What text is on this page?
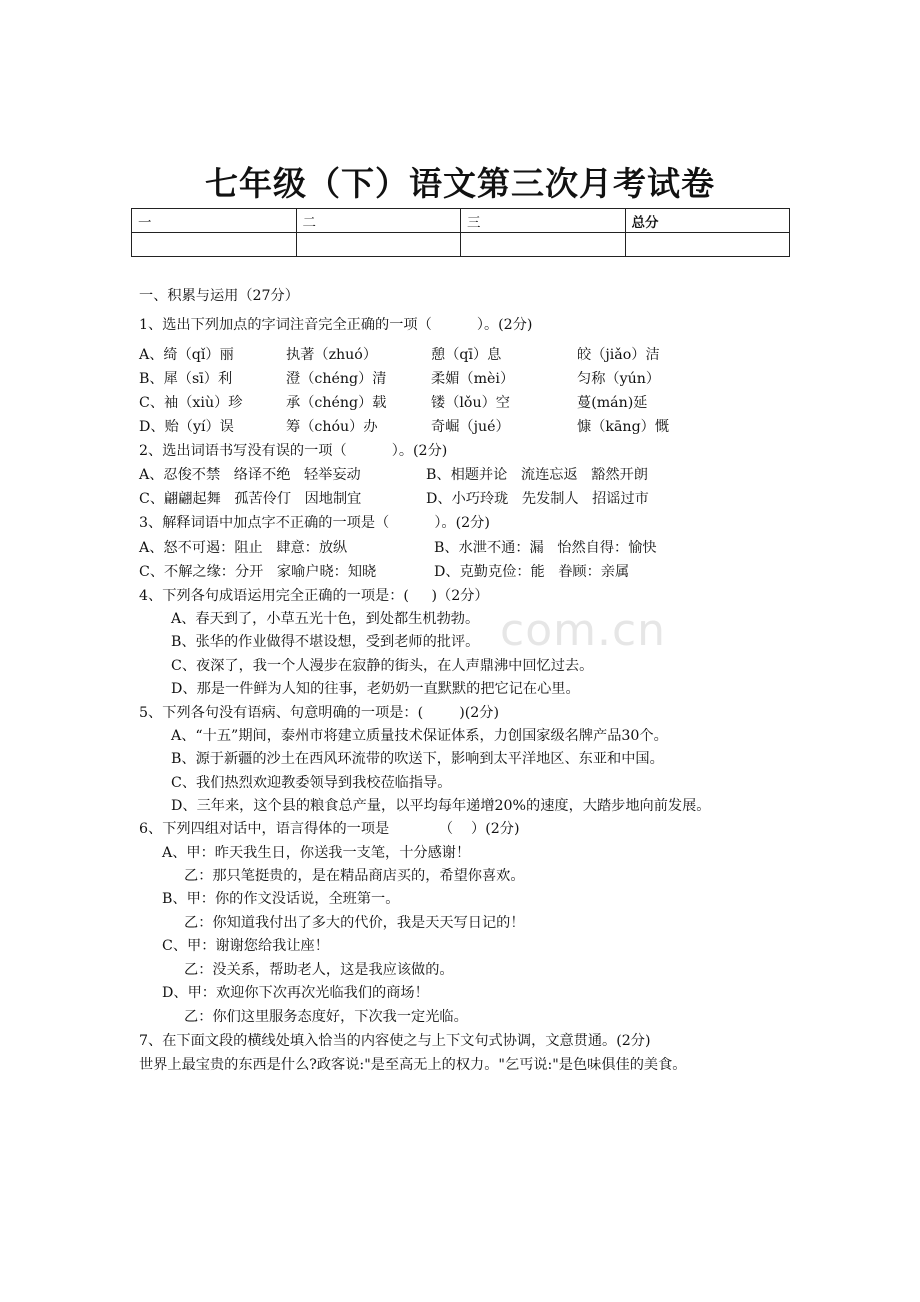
com.cn
七年级（下）语文第三次月考试卷
一	二	三	总分

一、积累与运用（27分）
1、选出下列加点的字词注音完全正确的一项（          ）。(2分)
A、绮（qǐ）丽	执著（zhuó）	憩（qī）息	皎（jiǎo）洁
B、犀（sī）利	澄（chéng）清	柔媚（mèi）	匀称（yún）
C、袖（xiù）珍	承（chéng）载	镂（lǒu）空	蔓(mán)延
D、贻（yí）误	筹（chóu）办	奇崛（jué）	慷（kāng）慨
2、选出词语书写没有误的一项（          ）。(2分)
A、忍俊不禁   络译不绝   轻举妄动	B、相题并论   流连忘返   豁然开朗
C、翩翩起舞   孤苦伶仃   因地制宜	D、小巧玲珑   先发制人   招谣过市
3、解释词语中加点字不正确的一项是（          ）。(2分)
A、怒不可遏：阻止   肆意：放纵	B、水泄不通：漏   怡然自得：愉快
C、不解之缘：分开   家喻户晓：知晓	D、克勤克俭：能   眷顾：亲属
4、下列各句成语运用完全正确的一项是：(     )（2分）
A、春天到了，小草五光十色，到处都生机勃勃。
B、张华的作业做得不堪设想，受到老师的批评。
C、夜深了，我一个人漫步在寂静的街头，在人声鼎沸中回忆过去。
D、那是一件鲜为人知的往事，老奶奶一直默默的把它记在心里。
5、下列各句没有语病、句意明确的一项是：(        )(2分)
A、“十五”期间，泰州市将建立质量技术保证体系，力创国家级名牌产品30个。
B、源于新疆的沙土在西风环流带的吹送下，影响到太平洋地区、东亚和中国。
C、我们热烈欢迎教委领导到我校莅临指导。
D、三年来，这个县的粮食总产量，以平均每年递增20%的速度，大踏步地向前发展。
6、下列四组对话中，语言得体的一项是           （    ）(2分)
A、甲：昨天我生日，你送我一支笔，十分感谢！
乙：那只笔挺贵的，是在精品商店买的，希望你喜欢。
B、甲：你的作文没话说，全班第一。
乙：你知道我付出了多大的代价，我是天天写日记的！
C、甲：谢谢您给我让座！
乙：没关系，帮助老人，这是我应该做的。
D、甲：欢迎你下次再次光临我们的商场！
乙：你们这里服务态度好，下次我一定光临。
7、在下面文段的横线处填入恰当的内容使之与上下文句式协调，文意贯通。(2分)
世界上最宝贵的东西是什么?政客说:"是至高无上的权力。"乞丐说:"是色味俱佳的美食。
